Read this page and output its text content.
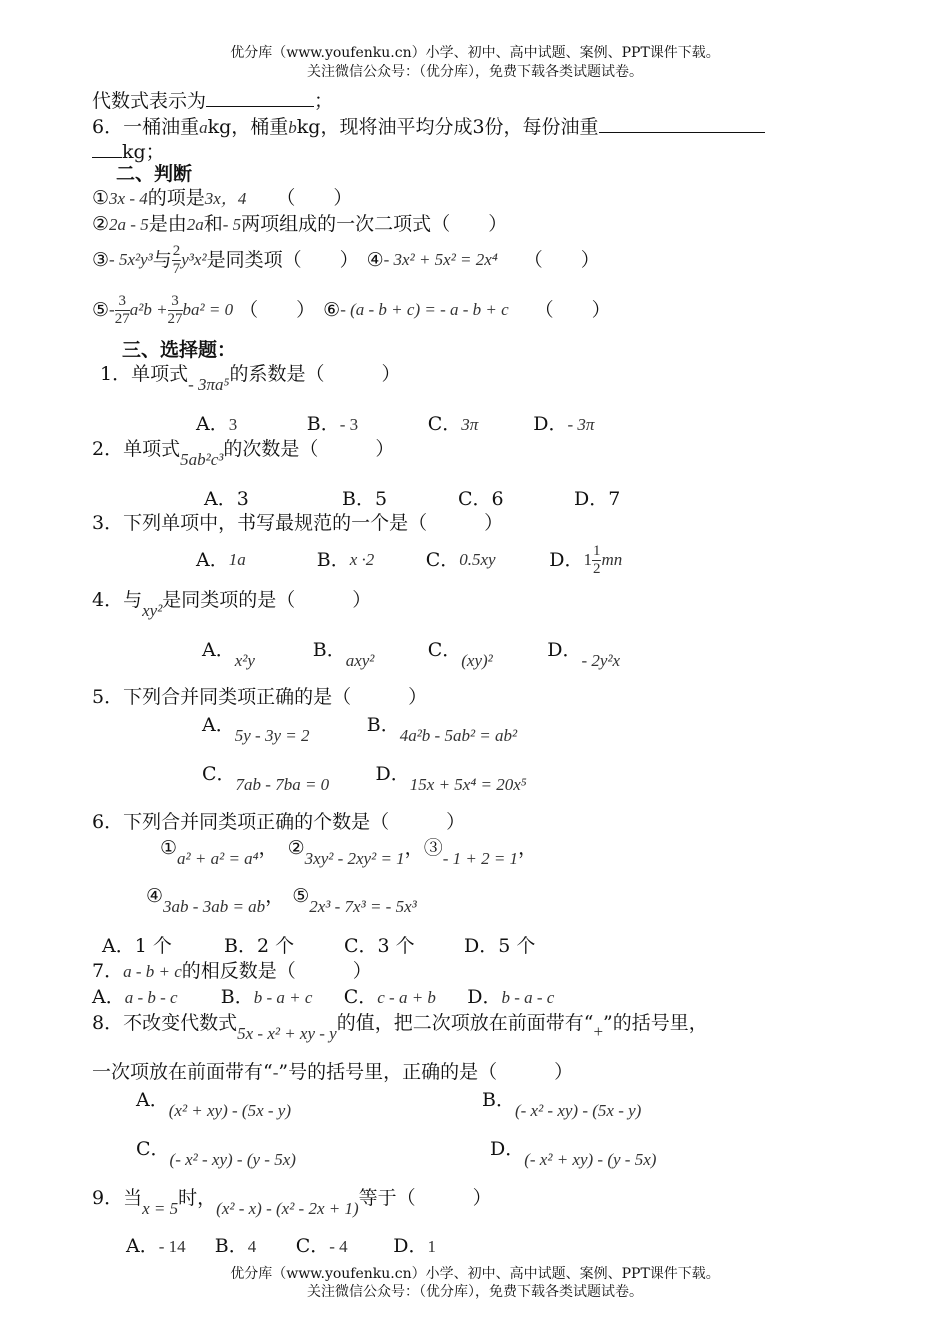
优分库（www.youfenku.cn）小学、初中、高中试题、案例、PPT课件下载。
关注微信公众号：（优分库），免费下载各类试题试卷。
代数式表示为	；
6．一桶油重akg，桶重bkg，现将油平均分成3份，每份油重
kg；
二、判断
①3x - 4的项是3x，4 （　　）
②2a - 5是由2a和- 5两项组成的一次二项式（　　）
③ - 5x²y³ 与 $\frac{2}{7} y^3x^2$ 是同类项 （　　） ④ - 3x² + 5x² = 2x⁴ （　　）
⑤ - $\frac{3}{27} a^2b + \frac{3}{27} ba^2 = 0$ （　　） ⑥ - (a - b + c) = - a - b + c （　　）
三、选择题：
1．单项式- 3πa⁵的系数是（　　　）
A．3	B．- 3	C．3π	D．- 3π
2．单项式5ab²c³的次数是（　　　）
A．3	B．5	C．6	D．7
3．下列单项中，书写最规范的一个是（　　　）
A． 1a	B． x ·2	C． 0.5xy	D． $1 \frac{1}{2}$ mn
4．与xy²是同类项的是（　　　）
A．x²y	B．axy²	C．(xy)²	D．- 2y²x
5．下列合并同类项正确的是（　　　）
A．5y - 3y = 2	B．4a²b - 5ab² = ab²
C．7ab - 7ba = 0 D．15x + 5x⁴ = 20x⁵
6．下列合并同类项正确的个数是（　　　）
①a² + a² = a⁴， ②3xy² - 2xy² = 1，③- 1 + 2 = 1，
④3ab - 3ab = ab， ⑤2x³ - 7x³ = - 5x³
A．1 个	B．2 个	C．3 个	D．5 个
7．a - b + c的相反数是（　　　）
A．a - b - c B．b - a + c C．c - a + b D．b - a - c
8．不改变代数式5x - x² + xy - y的值，把二次项放在前面带有“+”的括号里，
一次项放在前面带有“-”号的括号里，正确的是（　　　）
A．(x² + xy) - (5x - y)	B．(- x² - xy) - (5x - y)
C．(- x² - xy) - (y - 5x)	D．(- x² + xy) - (y - 5x)
9．当x = 5时，(x² - x) - (x² - 2x + 1)等于（　　　）
A．- 14 B．4 C．- 4 D．1
优分库（www.youfenku.cn）小学、初中、高中试题、案例、PPT课件下载。
关注微信公众号：（优分库），免费下载各类试题试卷。
